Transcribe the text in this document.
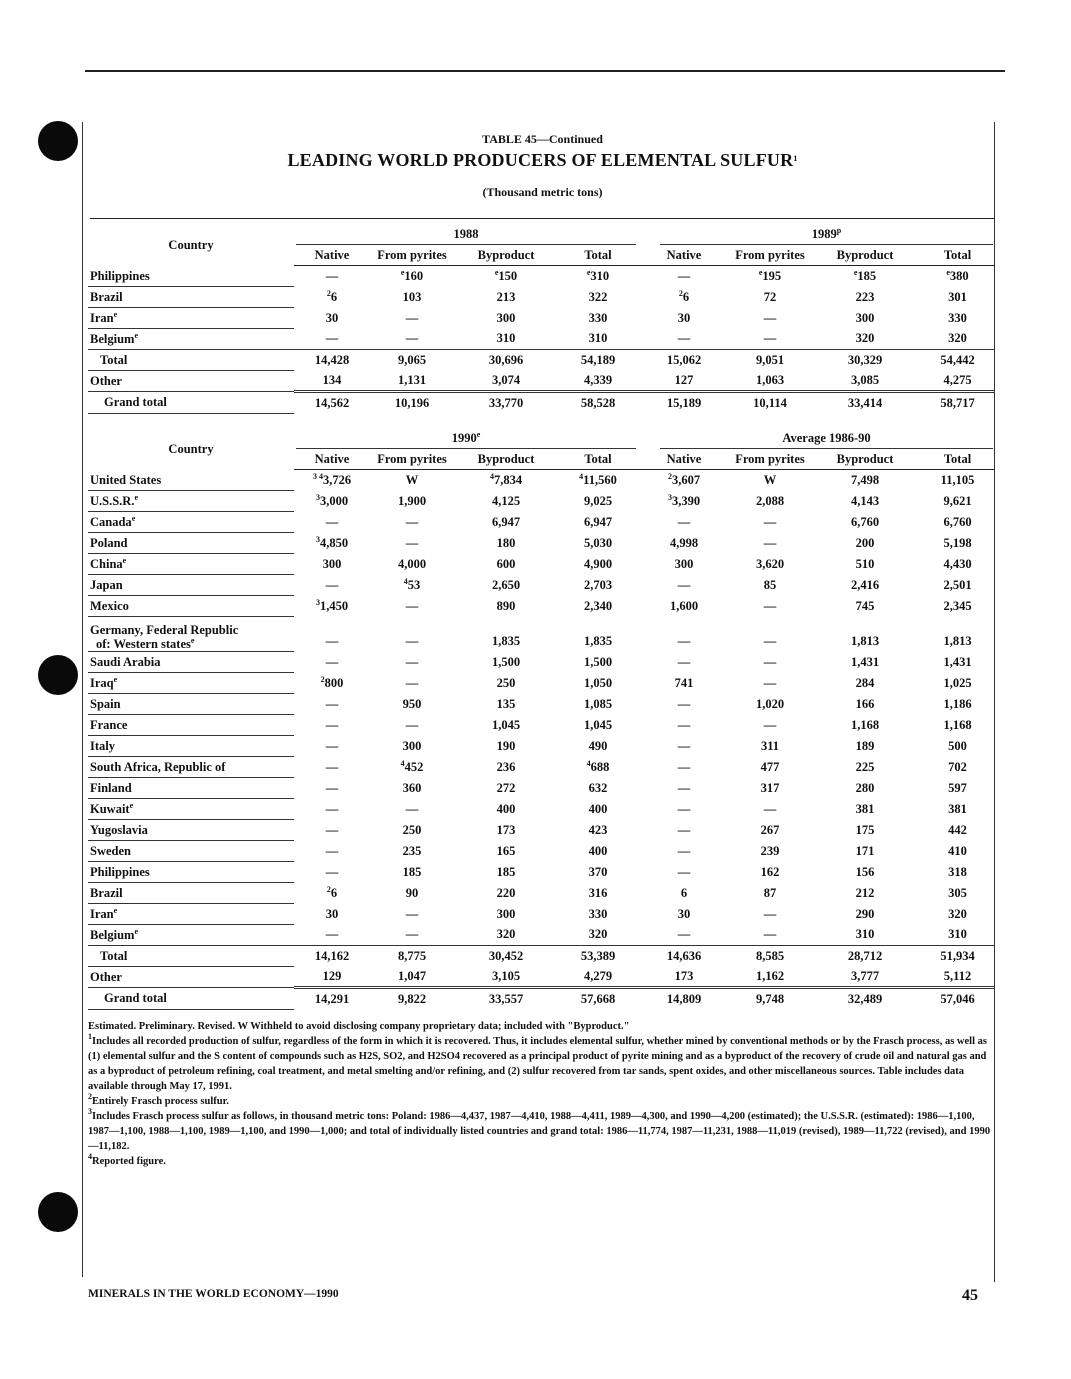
TABLE 45—Continued
LEADING WORLD PRODUCERS OF ELEMENTAL SULFUR$^1$
(Thousand metric tons)
Country	1988				1989$^p$

	Native	From pyrites	Byproduct	Total	Native	From pyrites	Byproduct	Total
Philippines	—	$^e$160	$^e$150	$^e$310	—	$^e$195	$^e$185	$^e$380
Brazil	$^2$6	103	213	322	$^2$6	72	223	301
Iran$^e$	30	—	300	330	30	—	300	330
Belgium$^e$	—	—	310	310	—	—	320	320
Total	14,428	9,065	30,696	54,189	15,062	9,051	30,329	54,442
Other	134	1,131	3,074	4,339	127	1,063	3,085	4,275
Grand total	14,562	10,196	33,770	58,528	15,189	10,114	33,414	58,717
Country	1990e				Average 1986-90			

	Native	From pyrites	Byproduct	Total	Native	From pyrites	Byproduct	Total
United States	$^{3 4}$3,726	W	$^4$7,834	$^4$11,560	$^2$3,607	W	7,498	11,105
U.S.S.R.$^e$	$^3$3,000	1,900	4,125	9,025	$^3$3,390	2,088	4,143	9,621
Canada$^e$	—	—	6,947	6,947	—	—	6,760	6,760
Poland	$^3$4,850	—	180	5,030	4,998	—	200	5,198
China$^e$	300	4,000	600	4,900	300	3,620	510	4,430
Japan	—	$^4$53	2,650	2,703	—	85	2,416	2,501
Mexico	$^3$1,450	—	890	2,340	1,600	—	745	2,345

Germany, Federal Republic
of: Western states$^e$	—	—	1,835	1,835	—	—	1,813	1,813
Saudi Arabia	—	—	1,500	1,500	—	—	1,431	1,431
Iraq$^e$	$^2$800	—	250	1,050	741	—	284	1,025
Spain	—	950	135	1,085	—	1,020	166	1,186
France	—	—	1,045	1,045	—	—	1,168	1,168
Italy	—	300	190	490	—	311	189	500
South Africa, Republic of	—	$^4$452	236	$^4$688	—	477	225	702
Finland	—	360	272	632	—	317	280	597
Kuwait$^e$	—	—	400	400	—	—	381	381
Yugoslavia	—	250	173	423	—	267	175	442
Sweden	—	235	165	400	—	239	171	410
Philippines	—	185	185	370	—	162	156	318
Brazil	$^2$6	90	220	316	6	87	212	305
Iran$^e$	30	—	300	330	30	—	290	320
Belgium$^e$	—	—	320	320	—	—	310	310
Total	14,162	8,775	30,452	53,389	14,636	8,585	28,712	51,934
Other	129	1,047	3,105	4,279	173	1,162	3,777	5,112
Grand total	14,291	9,822	33,557	57,668	14,809	9,748	32,489	57,046

Estimated. Preliminary. Revised. W Withheld to avoid disclosing company proprietary data; included with "Byproduct."

$^1$Includes all recorded production of sulfur, regardless of the form in which it is recovered. Thus, it includes elemental sulfur, whether mined by conventional methods or by the Frasch process, as well as (1) elemental sulfur and the S content of compounds such as H2S, SO2, and H2SO4 recovered as a principal product of pyrite mining and as a byproduct of the recovery of crude oil and natural gas and as a byproduct of petroleum refining, coal treatment, and metal smelting and/or refining, and (2) sulfur recovered from tar sands, spent oxides, and other miscellaneous sources. Table includes data available through May 17, 1991.

$^2$Entirely Frasch process sulfur.

$^3$Includes Frasch process sulfur as follows, in thousand metric tons: Poland: 1986—4,437, 1987—4,410, 1988—4,411, 1989—4,300, and 1990—4,200 (estimated); the U.S.S.R. (estimated): 1986—1,100, 1987—1,100, 1988—1,100, 1989—1,100, and 1990—1,000; and total of individually listed countries and grand total: 1986—11,774, 1987—11,231, 1988—11,019 (revised), 1989—11,722 (revised), and 1990—11,182.

$^4$Reported figure.

MINERALS IN THE WORLD ECONOMY—1990	45
